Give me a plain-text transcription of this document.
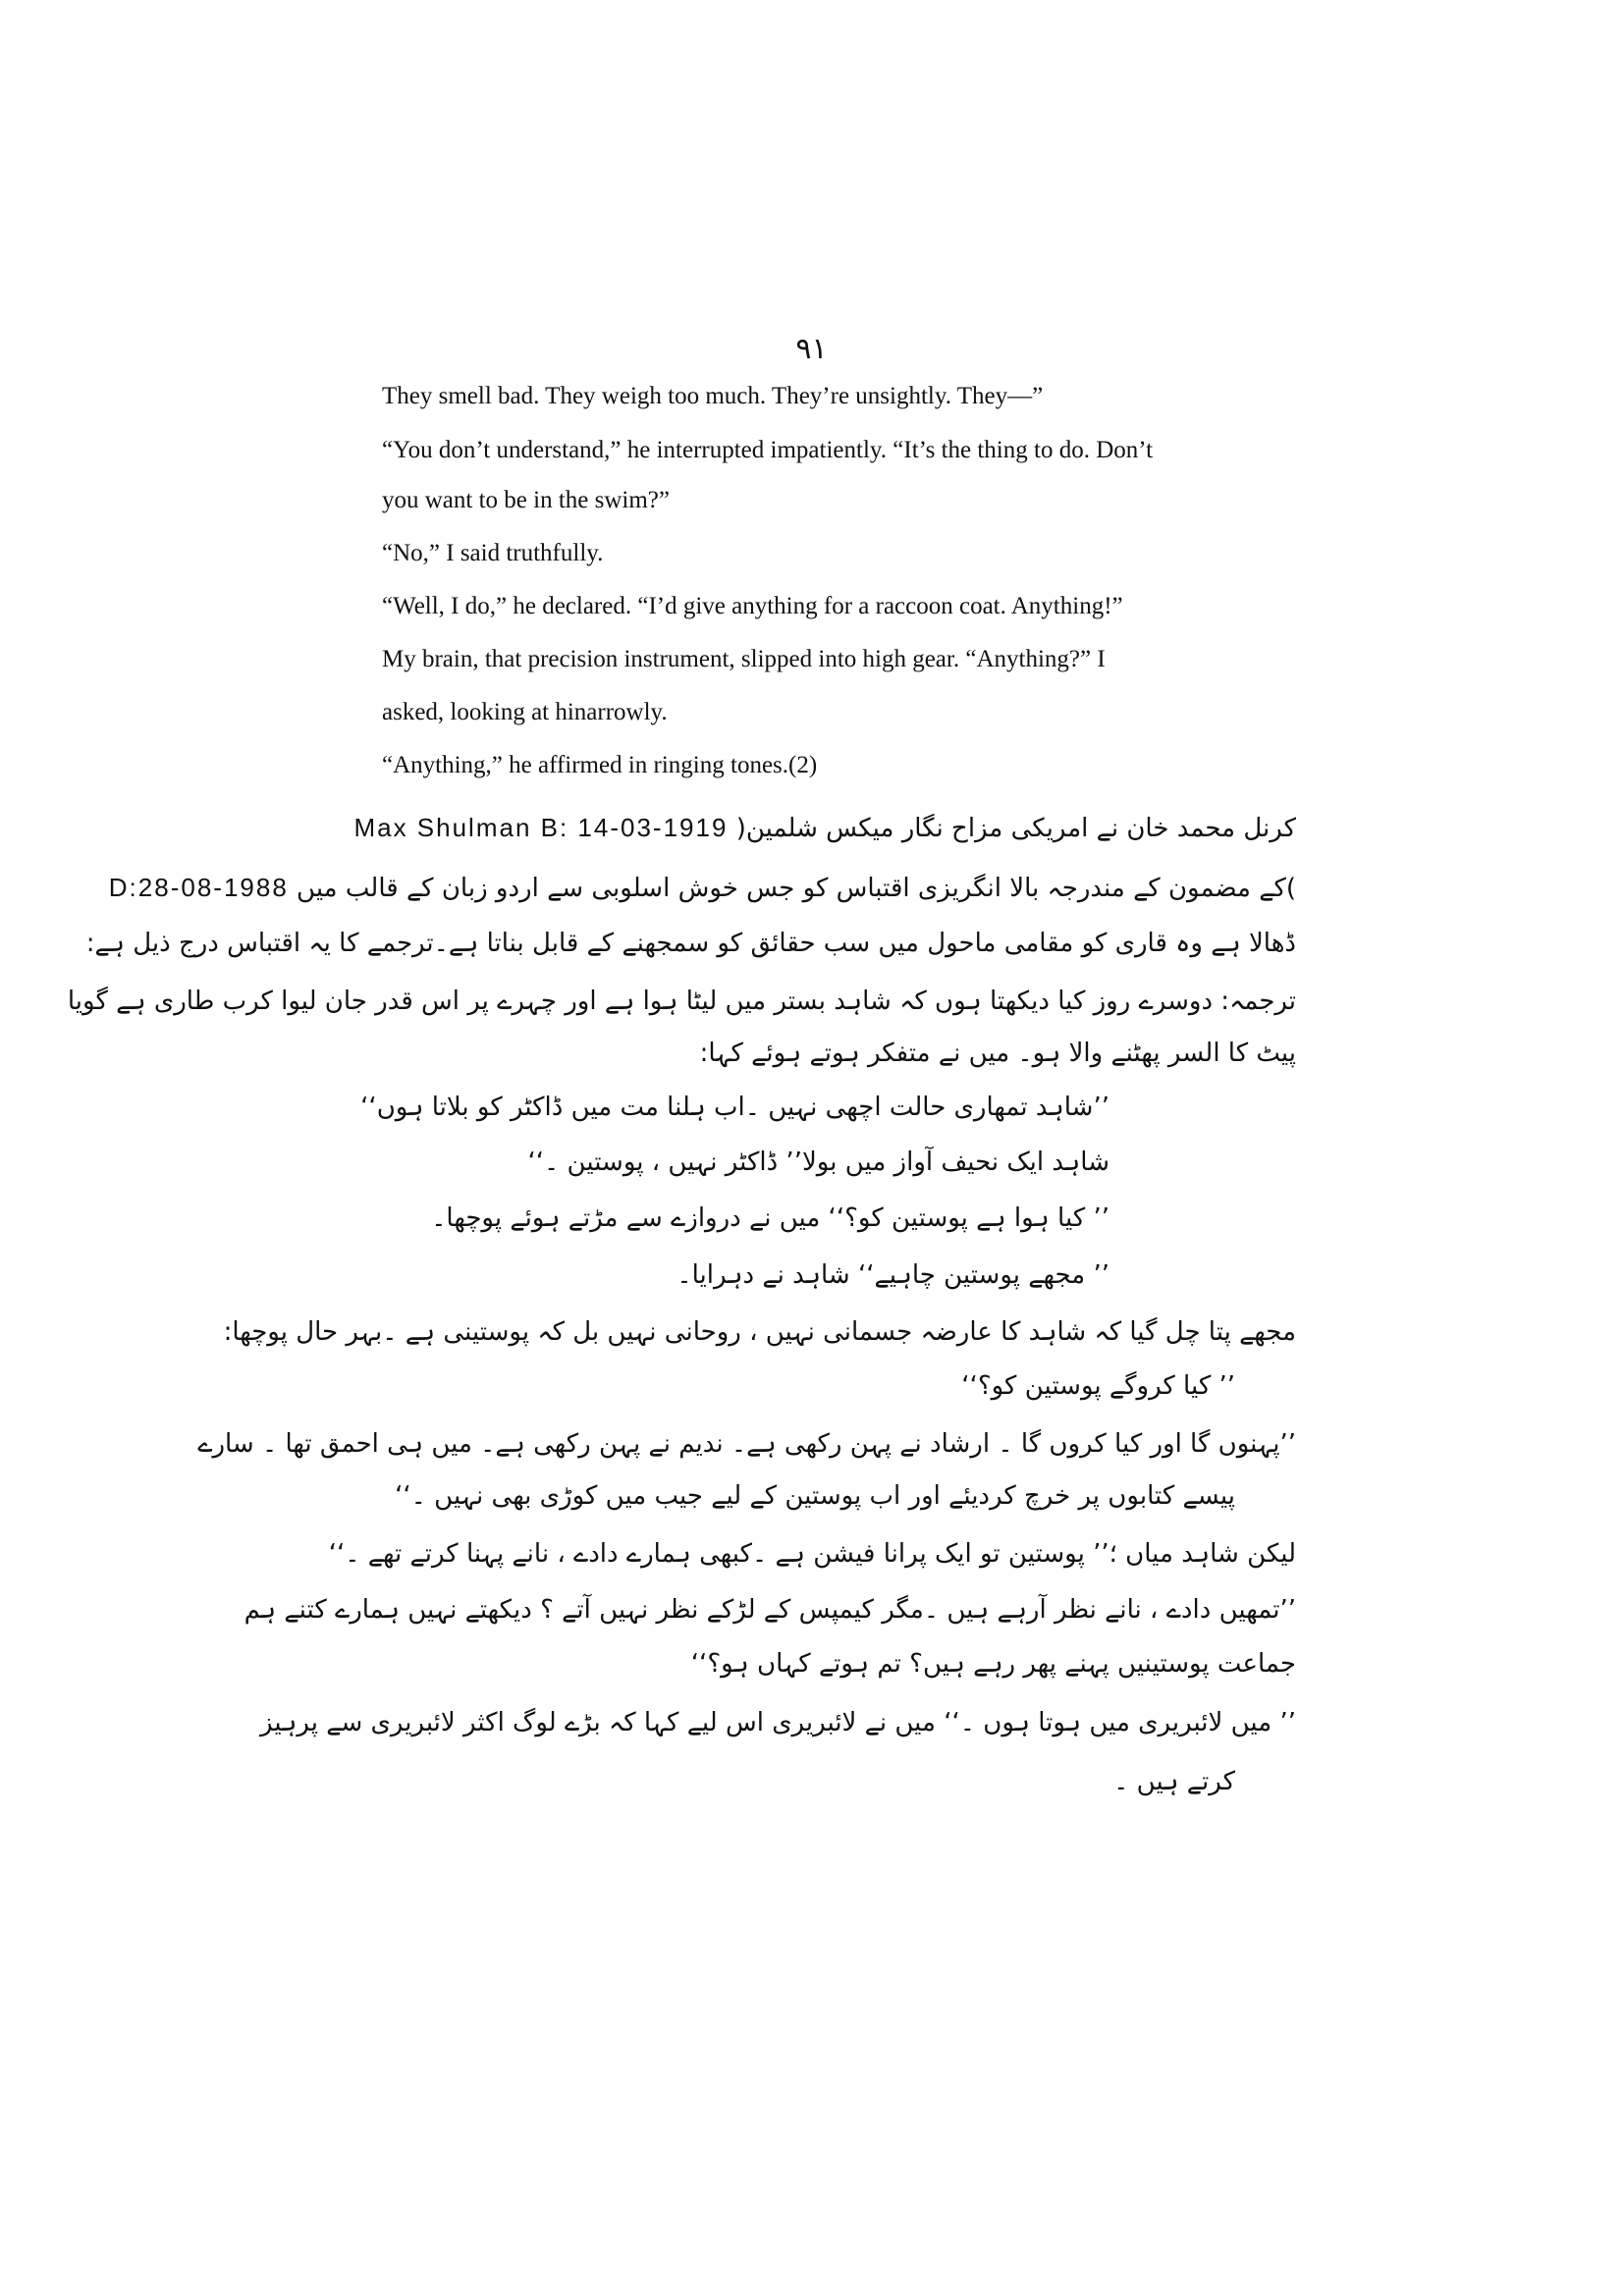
۹۱
They smell bad. They weigh too much. They’re unsightly. They—”
“You don’t understand,” he interrupted impatiently. “It’s the thing to do. Don’t
you want to be in the swim?”
“No,” I said truthfully.
“Well, I do,” he declared. “I’d give anything for a raccoon coat. Anything!”
My brain, that precision instrument, slipped into high gear. “Anything?” I
asked, looking at hinarrowly.
“Anything,” he affirmed in ringing tones.(2)
کرنل محمد خان نے امریکی مزاح نگار میکس شلمین( Max Shulman B: 14-03-1919
)کے مضمون کے مندرجہ بالا انگریزی اقتباس کو جس خوش اسلوبی سے اردو زبان کے قالب میں D:28-08-1988
ڈھالا ہے وہ قاری کو مقامی ماحول میں سب حقائق کو سمجھنے کے قابل بناتا ہے۔ترجمے کا یہ اقتباس درج ذیل ہے:
ترجمہ: دوسرے روز کیا دیکھتا ہوں کہ شاہد بستر میں لیٹا ہوا ہے اور چہرے پر اس قدر جان لیوا کرب طاری ہے گویا
پیٹ کا السر پھٹنے والا ہو۔ میں نے متفکر ہوتے ہوئے کہا:
’’شاہد تمھاری حالت اچھی نہیں ۔اب ہلنا مت میں ڈاکٹر کو بلاتا ہوں‘‘
شاہد ایک نحیف آواز میں بولا’’ ڈاکٹر نہیں ، پوستین ۔‘‘
’’ کیا ہوا ہے پوستین کو؟‘‘ میں نے دروازے سے مڑتے ہوئے پوچھا۔
’’ مجھے پوستین چاہیے‘‘ شاہد نے دہرایا۔
مجھے پتا چل گیا کہ شاہد کا عارضہ جسمانی نہیں ، روحانی نہیں بل کہ پوستینی ہے ۔بہر حال پوچھا:
’’ کیا کروگے پوستین کو؟‘‘
’’پہنوں گا اور کیا کروں گا ۔ ارشاد نے پہن رکھی ہے۔ ندیم نے پہن رکھی ہے۔ میں ہی احمق تھا ۔ سارے
پیسے کتابوں پر خرچ کردیئے اور اب پوستین کے لیے جیب میں کوڑی بھی نہیں ۔‘‘
لیکن شاہد میاں ؛’’ پوستین تو ایک پرانا فیشن ہے ۔کبھی ہمارے دادے ، نانے پہنا کرتے تھے ۔‘‘
’’تمھیں دادے ، نانے نظر آرہے ہیں ۔مگر کیمپس کے لڑکے نظر نہیں آتے ؟ دیکھتے نہیں ہمارے کتنے ہم
جماعت پوستینیں پہنے پھر رہے ہیں؟ تم ہوتے کہاں ہو؟‘‘
’’ میں لائبریری میں ہوتا ہوں ۔‘‘ میں نے لائبریری اس لیے کہا کہ بڑے لوگ اکثر لائبریری سے پرہیز
کرتے ہیں ۔
